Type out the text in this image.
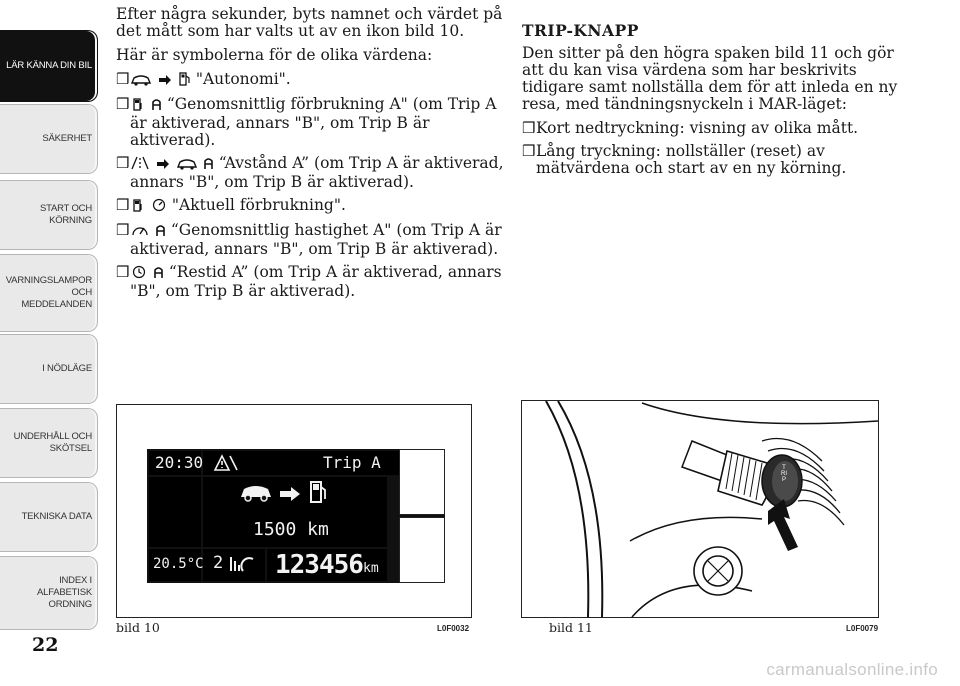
LÄR KÄNNA DIN BIL
SÄKERHET
START OCH KÖRNING
VARNINGSLAMPOR OCH MEDDELANDEN
I NÖDLÄGE
UNDERHÅLL OCH SKÖTSEL
TEKNISKA DATA
INDEX I ALFABETISK ORDNING
22

Efter några sekunder, byts namnet och värdet på det mått som har valts ut av en ikon bild 10.

Här är symbolerna för de olika värdena:

❒	"Autonomi".
❒ “Genomsnittlig förbrukning A" (om Trip A är aktiverad, annars "B", om Trip B är aktiverad).
❒	“Avstånd A” (om Trip A är aktiverad, annars "B", om Trip B är aktiverad).
❒	"Aktuell förbrukning".
❒	“Genomsnittlig hastighet A" (om Trip A är aktiverad, annars "B", om Trip B är aktiverad).
❒	“Restid A” (om Trip A är aktiverad, annars "B", om Trip B är aktiverad).
TRIP-KNAPP

Den sitter på den högra spaken bild 11 och gör att du kan visa värdena som har beskrivits tidigare samt nollställa dem för att inleda en ny resa, med tändningsnyckeln i MAR-läget:

❒ Kort nedtryckning: visning av olika mått.
❒ Lång tryckning: nollställer (reset) av mätvärdena och start av en ny körning.
20:30	Trip A
1500 km
20.5°C 2 123456 km
bild 10	L0F0032
TRIP
bild 11	L0F0079
carmanualsonline.info
